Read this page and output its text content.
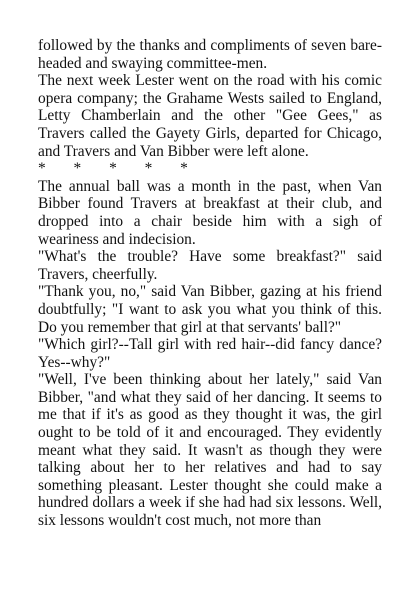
followed by the thanks and compliments of seven bare-headed and swaying committee-men.

The next week Lester went on the road with his comic opera company; the Grahame Wests sailed to England, Letty Chamberlain and the other "Gee Gees," as Travers called the Gayety Girls, departed for Chicago, and Travers and Van Bibber were left alone.

* * * * *

The annual ball was a month in the past, when Van Bibber found Travers at breakfast at their club, and dropped into a chair beside him with a sigh of weariness and indecision.

"What's the trouble? Have some breakfast?" said Travers, cheerfully.

"Thank you, no," said Van Bibber, gazing at his friend doubtfully; "I want to ask you what you think of this. Do you remember that girl at that servants' ball?"

"Which girl?--Tall girl with red hair--did fancy dance? Yes--why?"

"Well, I've been thinking about her lately," said Van Bibber, "and what they said of her dancing. It seems to me that if it's as good as they thought it was, the girl ought to be told of it and encouraged. They evidently meant what they said. It wasn't as though they were talking about her to her relatives and had to say something pleasant. Lester thought she could make a hundred dollars a week if she had had six lessons. Well, six lessons wouldn't cost much, not more than
